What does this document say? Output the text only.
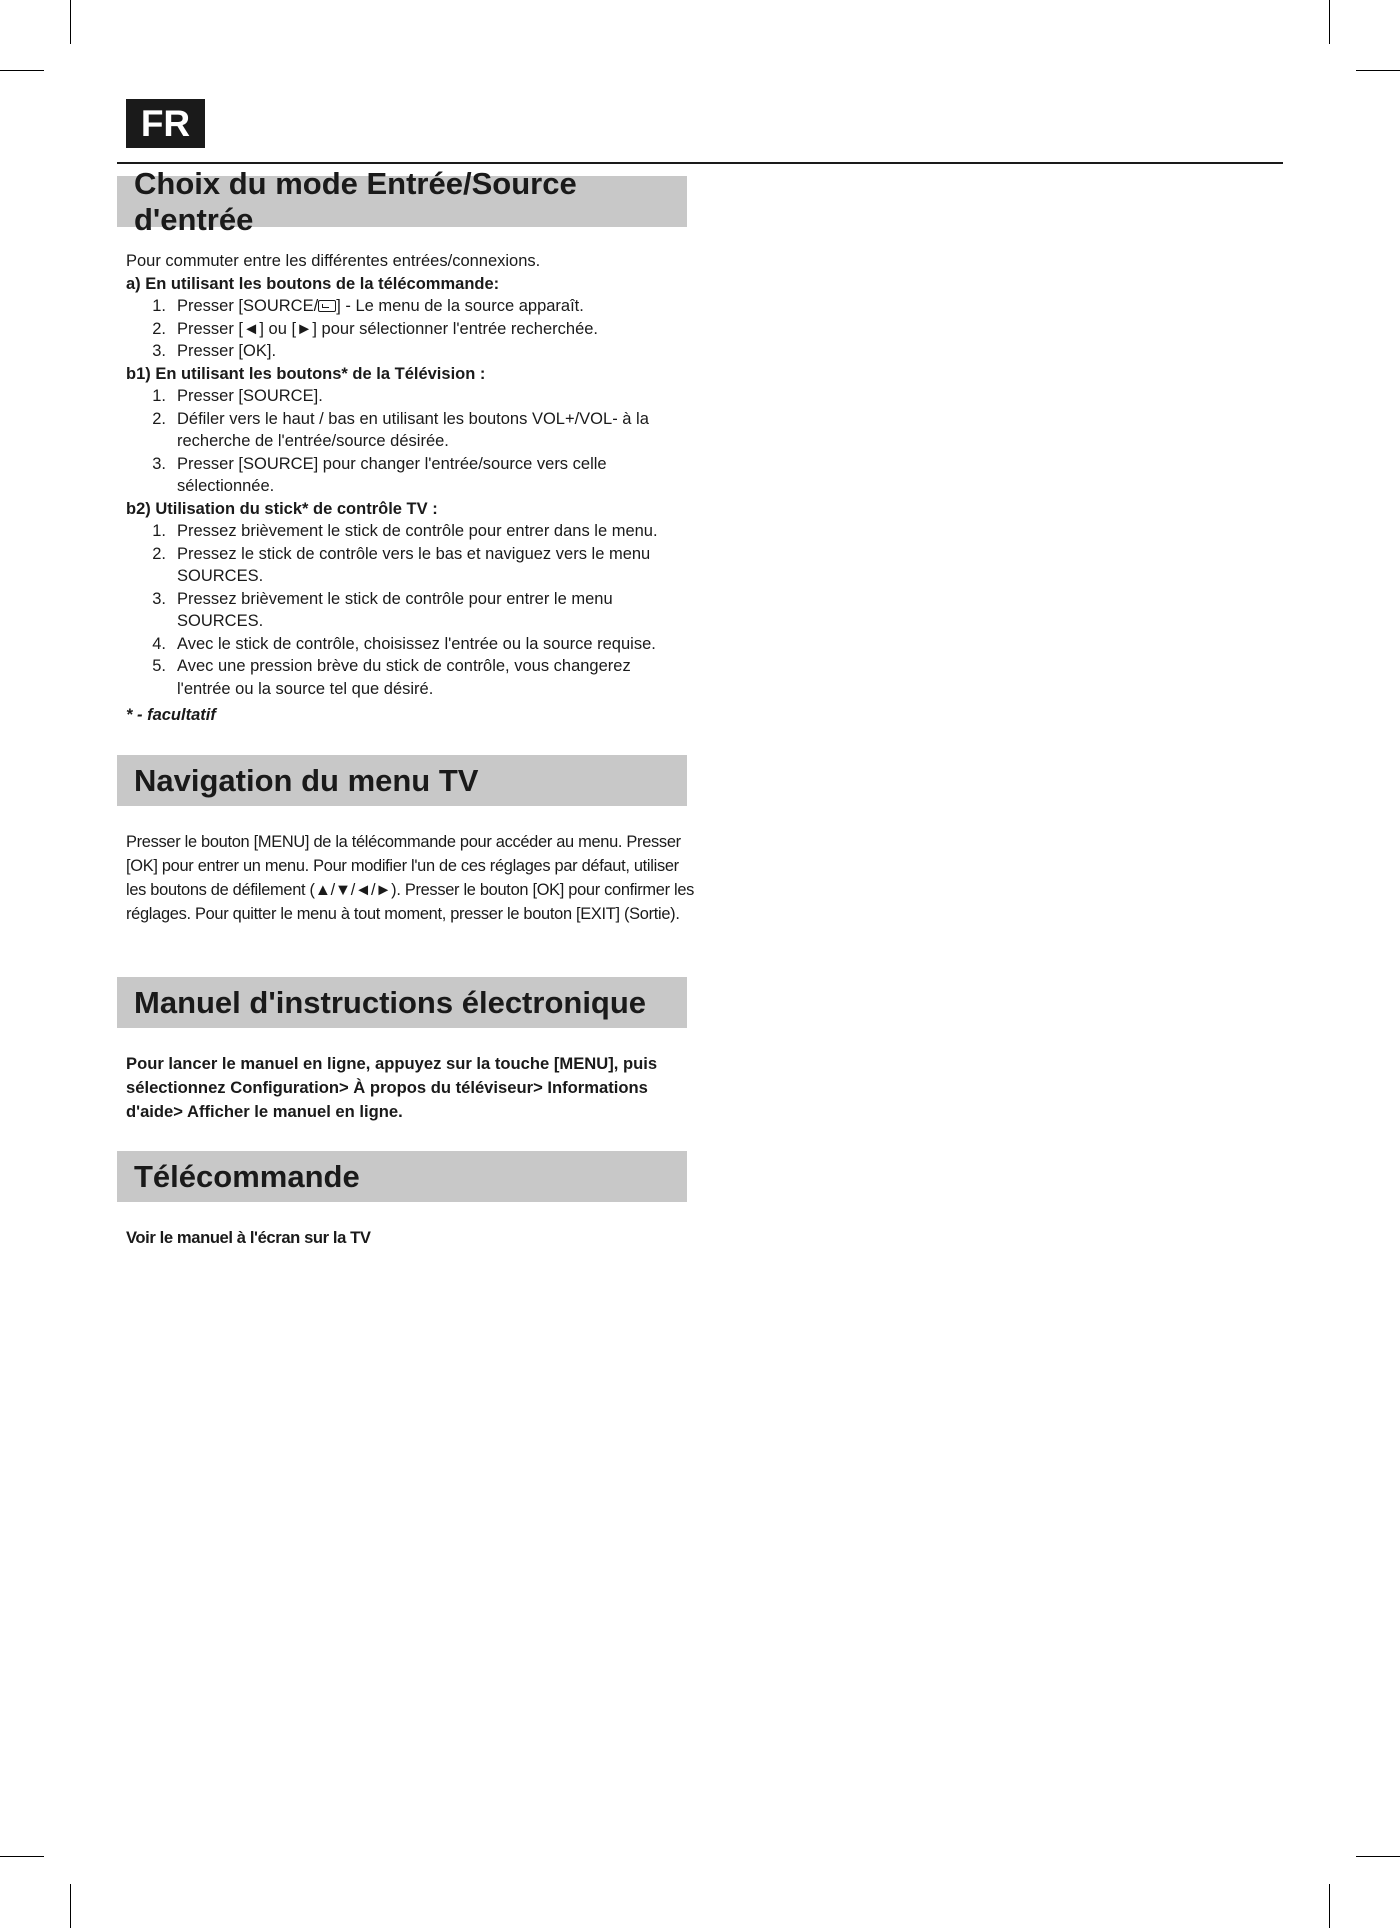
FR
Choix du mode Entrée/Source d'entrée

Pour commuter entre les différentes entrées/connexions.

a) En utilisant les boutons de la télécommande:

1. Presser [SOURCE/ ] - Le menu de la source apparaît.
2. Presser [◄] ou [►] pour sélectionner l'entrée recherchée.
3. Presser [OK].

b1) En utilisant les boutons* de la Télévision :

1. Presser [SOURCE].
2. Défiler vers le haut / bas en utilisant les boutons VOL+/VOL- à la recherche de l'entrée/source désirée.
3. Presser [SOURCE] pour changer l'entrée/source vers celle sélectionnée.

b2) Utilisation du stick* de contrôle TV :

1. Pressez brièvement le stick de contrôle pour entrer dans le menu.
2. Pressez le stick de contrôle vers le bas et naviguez vers le menu SOURCES.
3. Pressez brièvement le stick de contrôle pour entrer le menu SOURCES.
4. Avec le stick de contrôle, choisissez l'entrée ou la source requise.
5. Avec une pression brève du stick de contrôle, vous changerez l'entrée ou la source tel que désiré.

* - facultatif

Navigation du menu TV

Presser le bouton [MENU] de la télécommande pour accéder au menu. Presser [OK] pour entrer un menu. Pour modifier l'un de ces réglages par défaut, utiliser les boutons de défilement (▲/▼/◄/►). Presser le bouton [OK] pour confirmer les réglages. Pour quitter le menu à tout moment, presser le bouton [EXIT] (Sortie).

Manuel d'instructions électronique

Pour lancer le manuel en ligne, appuyez sur la touche [MENU], puis sélectionnez Configuration> À propos du téléviseur> Informations d'aide> Afficher le manuel en ligne.

Télécommande

Voir le manuel à l'écran sur la TV
